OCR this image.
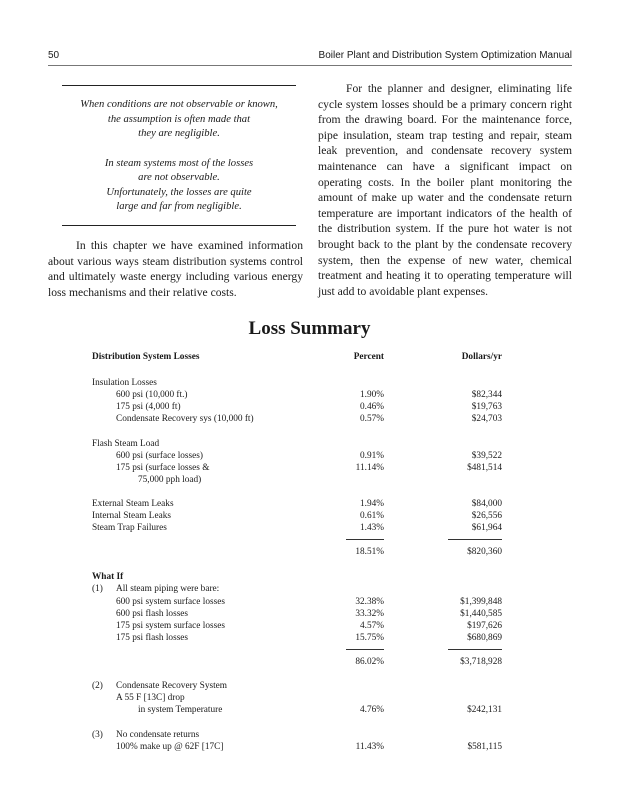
50	Boiler Plant and Distribution System Optimization Manual
When conditions are not observable or known,
the assumption is often made that
they are negligible.
In steam systems most of the losses
are not observable.
Unfortunately, the losses are quite
large and far from negligible.
In this chapter we have examined information about various ways steam distribution systems control and ultimately waste energy including various energy loss mechanisms and their relative costs.
For the planner and designer, eliminating life cycle system losses should be a primary concern right from the drawing board. For the maintenance force, pipe insulation, steam trap testing and repair, steam leak prevention, and condensate recovery system maintenance can have a significant impact on operating costs. In the boiler plant monitoring the amount of make up water and the condensate return temperature are important indicators of the health of the distribution system. If the pure hot water is not brought back to the plant by the condensate recovery system, then the expense of new water, chemical treatment and heating it to operating temperature will just add to avoidable plant expenses.
Loss Summary
Distribution System Losses	Percent	Dollars/yr
Insulation Losses
600 psi (10,000 ft.)	1.90%	$82,344
175 psi (4,000 ft)	0.46%	$19,763
Condensate Recovery sys (10,000 ft)	0.57%	$24,703
Flash Steam Load
600 psi (surface losses)	0.91%	$39,522
175 psi (surface losses &	11.14%	$481,514
75,000 pph load)
External Steam Leaks	1.94%	$84,000
Internal Steam Leaks	0.61%	$26,556
Steam Trap Failures	1.43%	$61,964
18.51%	$820,360
What If
(1) All steam piping were bare:
600 psi system surface losses	32.38%	$1,399,848
600 psi flash losses	33.32%	$1,440,585
175 psi system surface losses	4.57%	$197,626
175 psi flash losses	15.75%	$680,869
86.02%	$3,718,928
(2) Condensate Recovery System
A 55 F [13C] drop
in system Temperature	4.76%	$242,131
(3) No condensate returns
100% make up @ 62F [17C]	11.43%	$581,115
